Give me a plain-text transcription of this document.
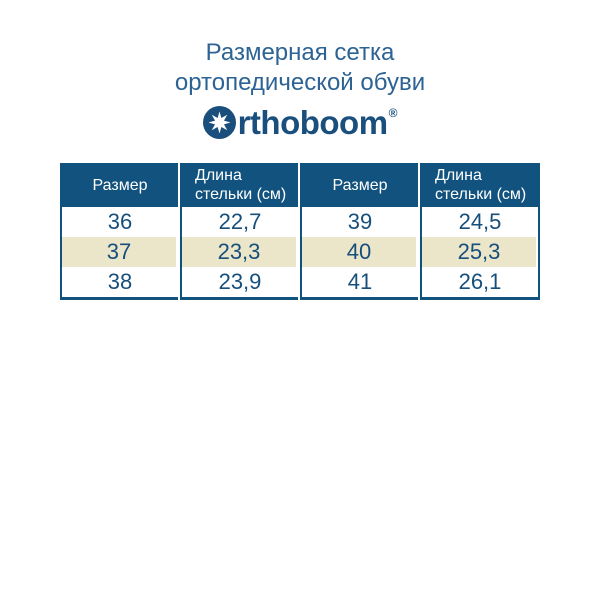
Размерная сетка
ортопедической обуви
rthoboom ®
Размер
36
37
38
Длина
стельки (см)
22,7
23,3
23,9
Размер
39
40
41
Длина
стельки (см)
24,5
25,3
26,1
